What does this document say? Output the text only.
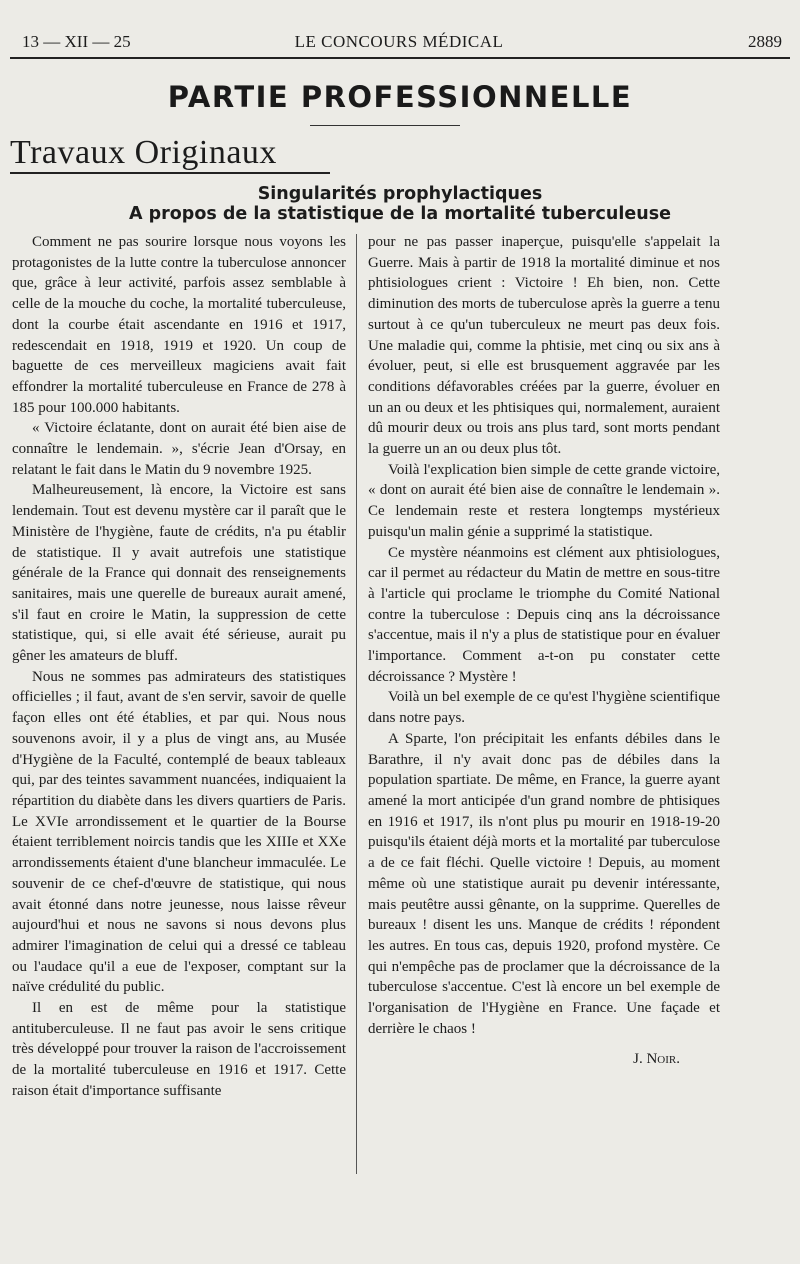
13 — XII — 25	LE CONCOURS MÉDICAL	2889
PARTIE PROFESSIONNELLE
Travaux Originaux
Singularités prophylactiques
A propos de la statistique de la mortalité tuberculeuse

Comment ne pas sourire lorsque nous voyons les protagonistes de la lutte contre la tuberculose annoncer que, grâce à leur activité, parfois assez semblable à celle de la mouche du coche, la mortalité tuberculeuse, dont la courbe était ascendante en 1916 et 1917, redescendait en 1918, 1919 et 1920. Un coup de baguette de ces merveilleux magiciens avait fait effondrer la mortalité tuberculeuse en France de 278 à 185 pour 100.000 habitants.

« Victoire éclatante, dont on aurait été bien aise de connaître le lendemain. », s'écrie Jean d'Orsay, en relatant le fait dans le Matin du 9 novembre 1925.

Malheureusement, là encore, la Victoire est sans lendemain. Tout est devenu mystère car il paraît que le Ministère de l'hygiène, faute de crédits, n'a pu établir de statistique. Il y avait autrefois une statistique générale de la France qui donnait des renseignements sanitaires, mais une querelle de bureaux aurait amené, s'il faut en croire le Matin, la suppression de cette statistique, qui, si elle avait été sérieuse, aurait pu gêner les amateurs de bluff.

Nous ne sommes pas admirateurs des statistiques officielles ; il faut, avant de s'en servir, savoir de quelle façon elles ont été établies, et par qui. Nous nous souvenons avoir, il y a plus de vingt ans, au Musée d'Hygiène de la Faculté, contemplé de beaux tableaux qui, par des teintes savamment nuancées, indiquaient la répartition du diabète dans les divers quartiers de Paris. Le XVIe arrondissement et le quartier de la Bourse étaient terriblement noircis tandis que les XIIIe et XXe arrondissements étaient d'une blancheur immaculée. Le souvenir de ce chef-d'œuvre de statistique, qui nous avait étonné dans notre jeunesse, nous laisse rêveur aujourd'hui et nous ne savons si nous devons plus admirer l'imagination de celui qui a dressé ce tableau ou l'audace qu'il a eue de l'exposer, comptant sur la naïve crédulité du public.

Il en est de même pour la statistique antituberculeuse. Il ne faut pas avoir le sens critique très développé pour trouver la raison de l'accroissement de la mortalité tuberculeuse en 1916 et 1917. Cette raison était d'importance suffisante

pour ne pas passer inaperçue, puisqu'elle s'appelait la Guerre. Mais à partir de 1918 la mortalité diminue et nos phtisiologues crient : Victoire ! Eh bien, non. Cette diminution des morts de tuberculose après la guerre a tenu surtout à ce qu'un tuberculeux ne meurt pas deux fois. Une maladie qui, comme la phtisie, met cinq ou six ans à évoluer, peut, si elle est brusquement aggravée par les conditions défavorables créées par la guerre, évoluer en un an ou deux et les phtisiques qui, normalement, auraient dû mourir deux ou trois ans plus tard, sont morts pendant la guerre un an ou deux plus tôt.

Voilà l'explication bien simple de cette grande victoire, « dont on aurait été bien aise de connaître le lendemain ». Ce lendemain reste et restera longtemps mystérieux puisqu'un malin génie a supprimé la statistique.

Ce mystère néanmoins est clément aux phtisiologues, car il permet au rédacteur du Matin de mettre en sous-titre à l'article qui proclame le triomphe du Comité National contre la tuberculose : Depuis cinq ans la décroissance s'accentue, mais il n'y a plus de statistique pour en évaluer l'importance. Comment a-t-on pu constater cette décroissance ? Mystère !

Voilà un bel exemple de ce qu'est l'hygiène scientifique dans notre pays.

A Sparte, l'on précipitait les enfants débiles dans le Barathre, il n'y avait donc pas de débiles dans la population spartiate. De même, en France, la guerre ayant amené la mort anticipée d'un grand nombre de phtisiques en 1916 et 1917, ils n'ont plus pu mourir en 1918-19-20 puisqu'ils étaient déjà morts et la mortalité par tuberculose a de ce fait fléchi. Quelle victoire ! Depuis, au moment même où une statistique aurait pu devenir intéressante, mais peutêtre aussi gênante, on la supprime. Querelles de bureaux ! disent les uns. Manque de crédits ! répondent les autres. En tous cas, depuis 1920, profond mystère. Ce qui n'empêche pas de proclamer que la décroissance de la tuberculose s'accentue. C'est là encore un bel exemple de l'organisation de l'Hygiène en France. Une façade et derrière le chaos !

J. Noir.
